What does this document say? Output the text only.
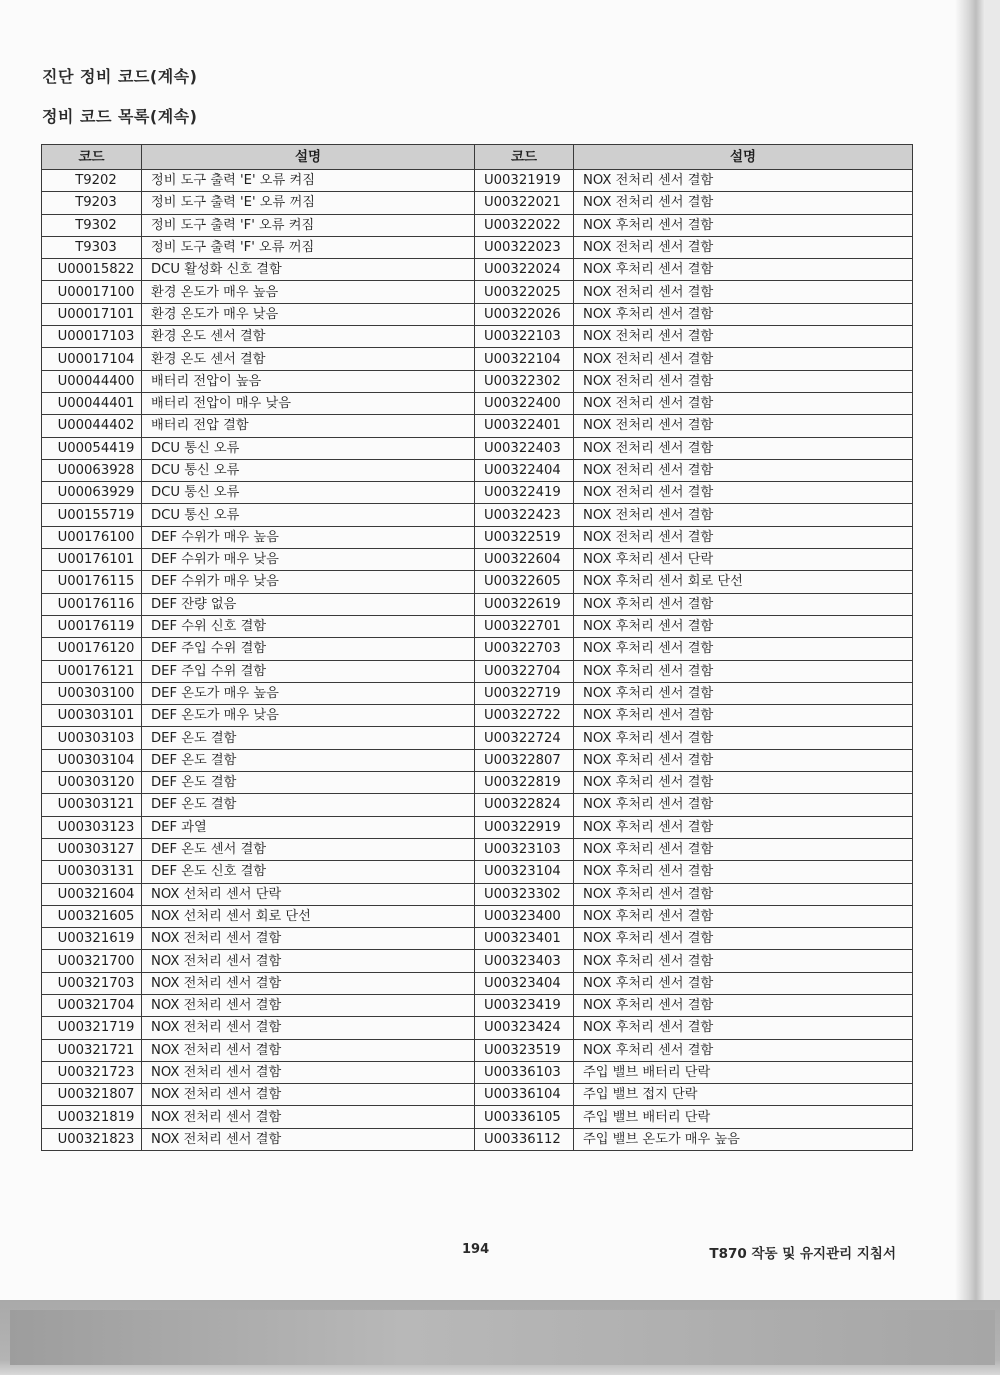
진단 정비 코드(계속)
정비 코드 목록(계속)
코드	설명	코드	설명
T9202	정비 도구 출력 'E' 오류 켜짐	U00321919	NOX 전처리 센서 결함
T9203	정비 도구 출력 'E' 오류 꺼짐	U00322021	NOX 전처리 센서 결함
T9302	정비 도구 출력 'F' 오류 켜짐	U00322022	NOX 후처리 센서 결함
T9303	정비 도구 출력 'F' 오류 꺼짐	U00322023	NOX 전처리 센서 결함
U00015822	DCU 활성화 신호 결함	U00322024	NOX 후처리 센서 결함
U00017100	환경 온도가 매우 높음	U00322025	NOX 전처리 센서 결함
U00017101	환경 온도가 매우 낮음	U00322026	NOX 후처리 센서 결함
U00017103	환경 온도 센서 결함	U00322103	NOX 전처리 센서 결함
U00017104	환경 온도 센서 결함	U00322104	NOX 전처리 센서 결함
U00044400	배터리 전압이 높음	U00322302	NOX 전처리 센서 결함
U00044401	배터리 전압이 매우 낮음	U00322400	NOX 전처리 센서 결함
U00044402	배터리 전압 결함	U00322401	NOX 전처리 센서 결함
U00054419	DCU 통신 오류	U00322403	NOX 전처리 센서 결함
U00063928	DCU 통신 오류	U00322404	NOX 전처리 센서 결함
U00063929	DCU 통신 오류	U00322419	NOX 전처리 센서 결함
U00155719	DCU 통신 오류	U00322423	NOX 전처리 센서 결함
U00176100	DEF 수위가 매우 높음	U00322519	NOX 전처리 센서 결함
U00176101	DEF 수위가 매우 낮음	U00322604	NOX 후처리 센서 단락
U00176115	DEF 수위가 매우 낮음	U00322605	NOX 후처리 센서 회로 단선
U00176116	DEF 잔량 없음	U00322619	NOX 후처리 센서 결함
U00176119	DEF 수위 신호 결함	U00322701	NOX 후처리 센서 결함
U00176120	DEF 주입 수위 결함	U00322703	NOX 후처리 센서 결함
U00176121	DEF 주입 수위 결함	U00322704	NOX 후처리 센서 결함
U00303100	DEF 온도가 매우 높음	U00322719	NOX 후처리 센서 결함
U00303101	DEF 온도가 매우 낮음	U00322722	NOX 후처리 센서 결함
U00303103	DEF 온도 결함	U00322724	NOX 후처리 센서 결함
U00303104	DEF 온도 결함	U00322807	NOX 후처리 센서 결함
U00303120	DEF 온도 결함	U00322819	NOX 후처리 센서 결함
U00303121	DEF 온도 결함	U00322824	NOX 후처리 센서 결함
U00303123	DEF 과열	U00322919	NOX 후처리 센서 결함
U00303127	DEF 온도 센서 결함	U00323103	NOX 후처리 센서 결함
U00303131	DEF 온도 신호 결함	U00323104	NOX 후처리 센서 결함
U00321604	NOX 선처리 센서 단락	U00323302	NOX 후처리 센서 결함
U00321605	NOX 선처리 센서 회로 단선	U00323400	NOX 후처리 센서 결함
U00321619	NOX 전처리 센서 결함	U00323401	NOX 후처리 센서 결함
U00321700	NOX 전처리 센서 결함	U00323403	NOX 후처리 센서 결함
U00321703	NOX 전처리 센서 결함	U00323404	NOX 후처리 센서 결함
U00321704	NOX 전처리 센서 결함	U00323419	NOX 후처리 센서 결함
U00321719	NOX 전처리 센서 결함	U00323424	NOX 후처리 센서 결함
U00321721	NOX 전처리 센서 결함	U00323519	NOX 후처리 센서 결함
U00321723	NOX 전처리 센서 결함	U00336103	주입 밸브 배터리 단락
U00321807	NOX 전처리 센서 결함	U00336104	주입 밸브 접지 단락
U00321819	NOX 전처리 센서 결함	U00336105	주입 밸브 배터리 단락
U00321823	NOX 전처리 센서 결함	U00336112	주입 밸브 온도가 매우 높음
194	T870 작동 및 유지관리 지침서
